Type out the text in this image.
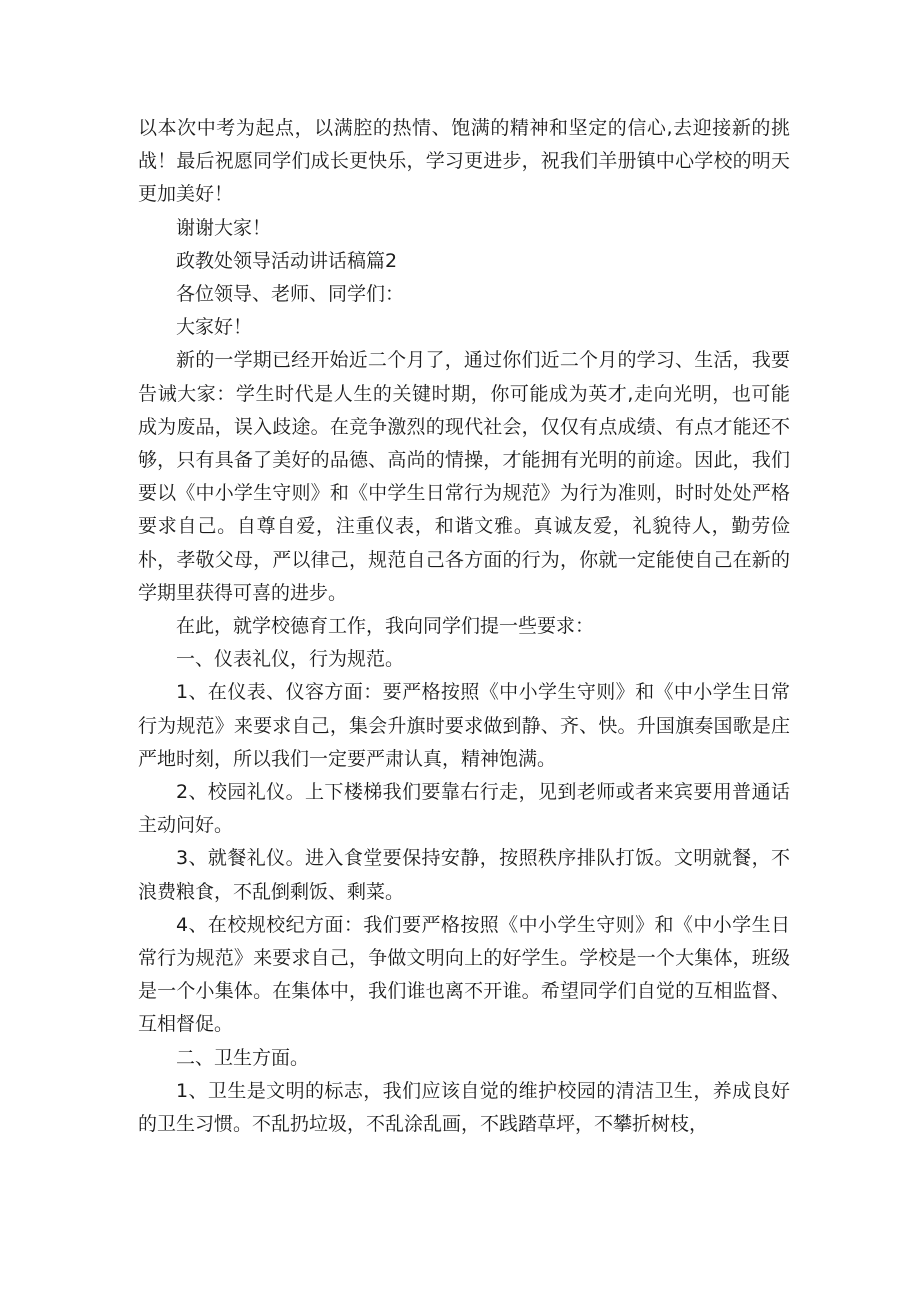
以本次中考为起点，以满腔的热情、饱满的精神和坚定的信心,去迎接新的挑战！最后祝愿同学们成长更快乐，学习更进步，祝我们羊册镇中心学校的明天更加美好！

谢谢大家！

政教处领导活动讲话稿篇2

各位领导、老师、同学们：

大家好！

新的一学期已经开始近二个月了，通过你们近二个月的学习、生活，我要告诫大家：学生时代是人生的关键时期，你可能成为英才,走向光明，也可能成为废品，误入歧途。在竞争激烈的现代社会，仅仅有点成绩、有点才能还不够，只有具备了美好的品德、高尚的情操，才能拥有光明的前途。因此，我们要以《中小学生守则》和《中学生日常行为规范》为行为准则，时时处处严格要求自己。自尊自爱，注重仪表，和谐文雅。真诚友爱，礼貌待人，勤劳俭朴，孝敬父母，严以律己，规范自己各方面的行为，你就一定能使自己在新的学期里获得可喜的进步。

在此，就学校德育工作，我向同学们提一些要求：

一、仪表礼仪，行为规范。

1、在仪表、仪容方面：要严格按照《中小学生守则》和《中小学生日常行为规范》来要求自己，集会升旗时要求做到静、齐、快。升国旗奏国歌是庄严地时刻，所以我们一定要严肃认真，精神饱满。

2、校园礼仪。上下楼梯我们要靠右行走，见到老师或者来宾要用普通话主动问好。

3、就餐礼仪。进入食堂要保持安静，按照秩序排队打饭。文明就餐，不浪费粮食，不乱倒剩饭、剩菜。

4、在校规校纪方面：我们要严格按照《中小学生守则》和《中小学生日常行为规范》来要求自己，争做文明向上的好学生。学校是一个大集体，班级是一个小集体。在集体中，我们谁也离不开谁。希望同学们自觉的互相监督、互相督促。

二、卫生方面。

1、卫生是文明的标志，我们应该自觉的维护校园的清洁卫生，养成良好的卫生习惯。不乱扔垃圾，不乱涂乱画，不践踏草坪，不攀折树枝，
